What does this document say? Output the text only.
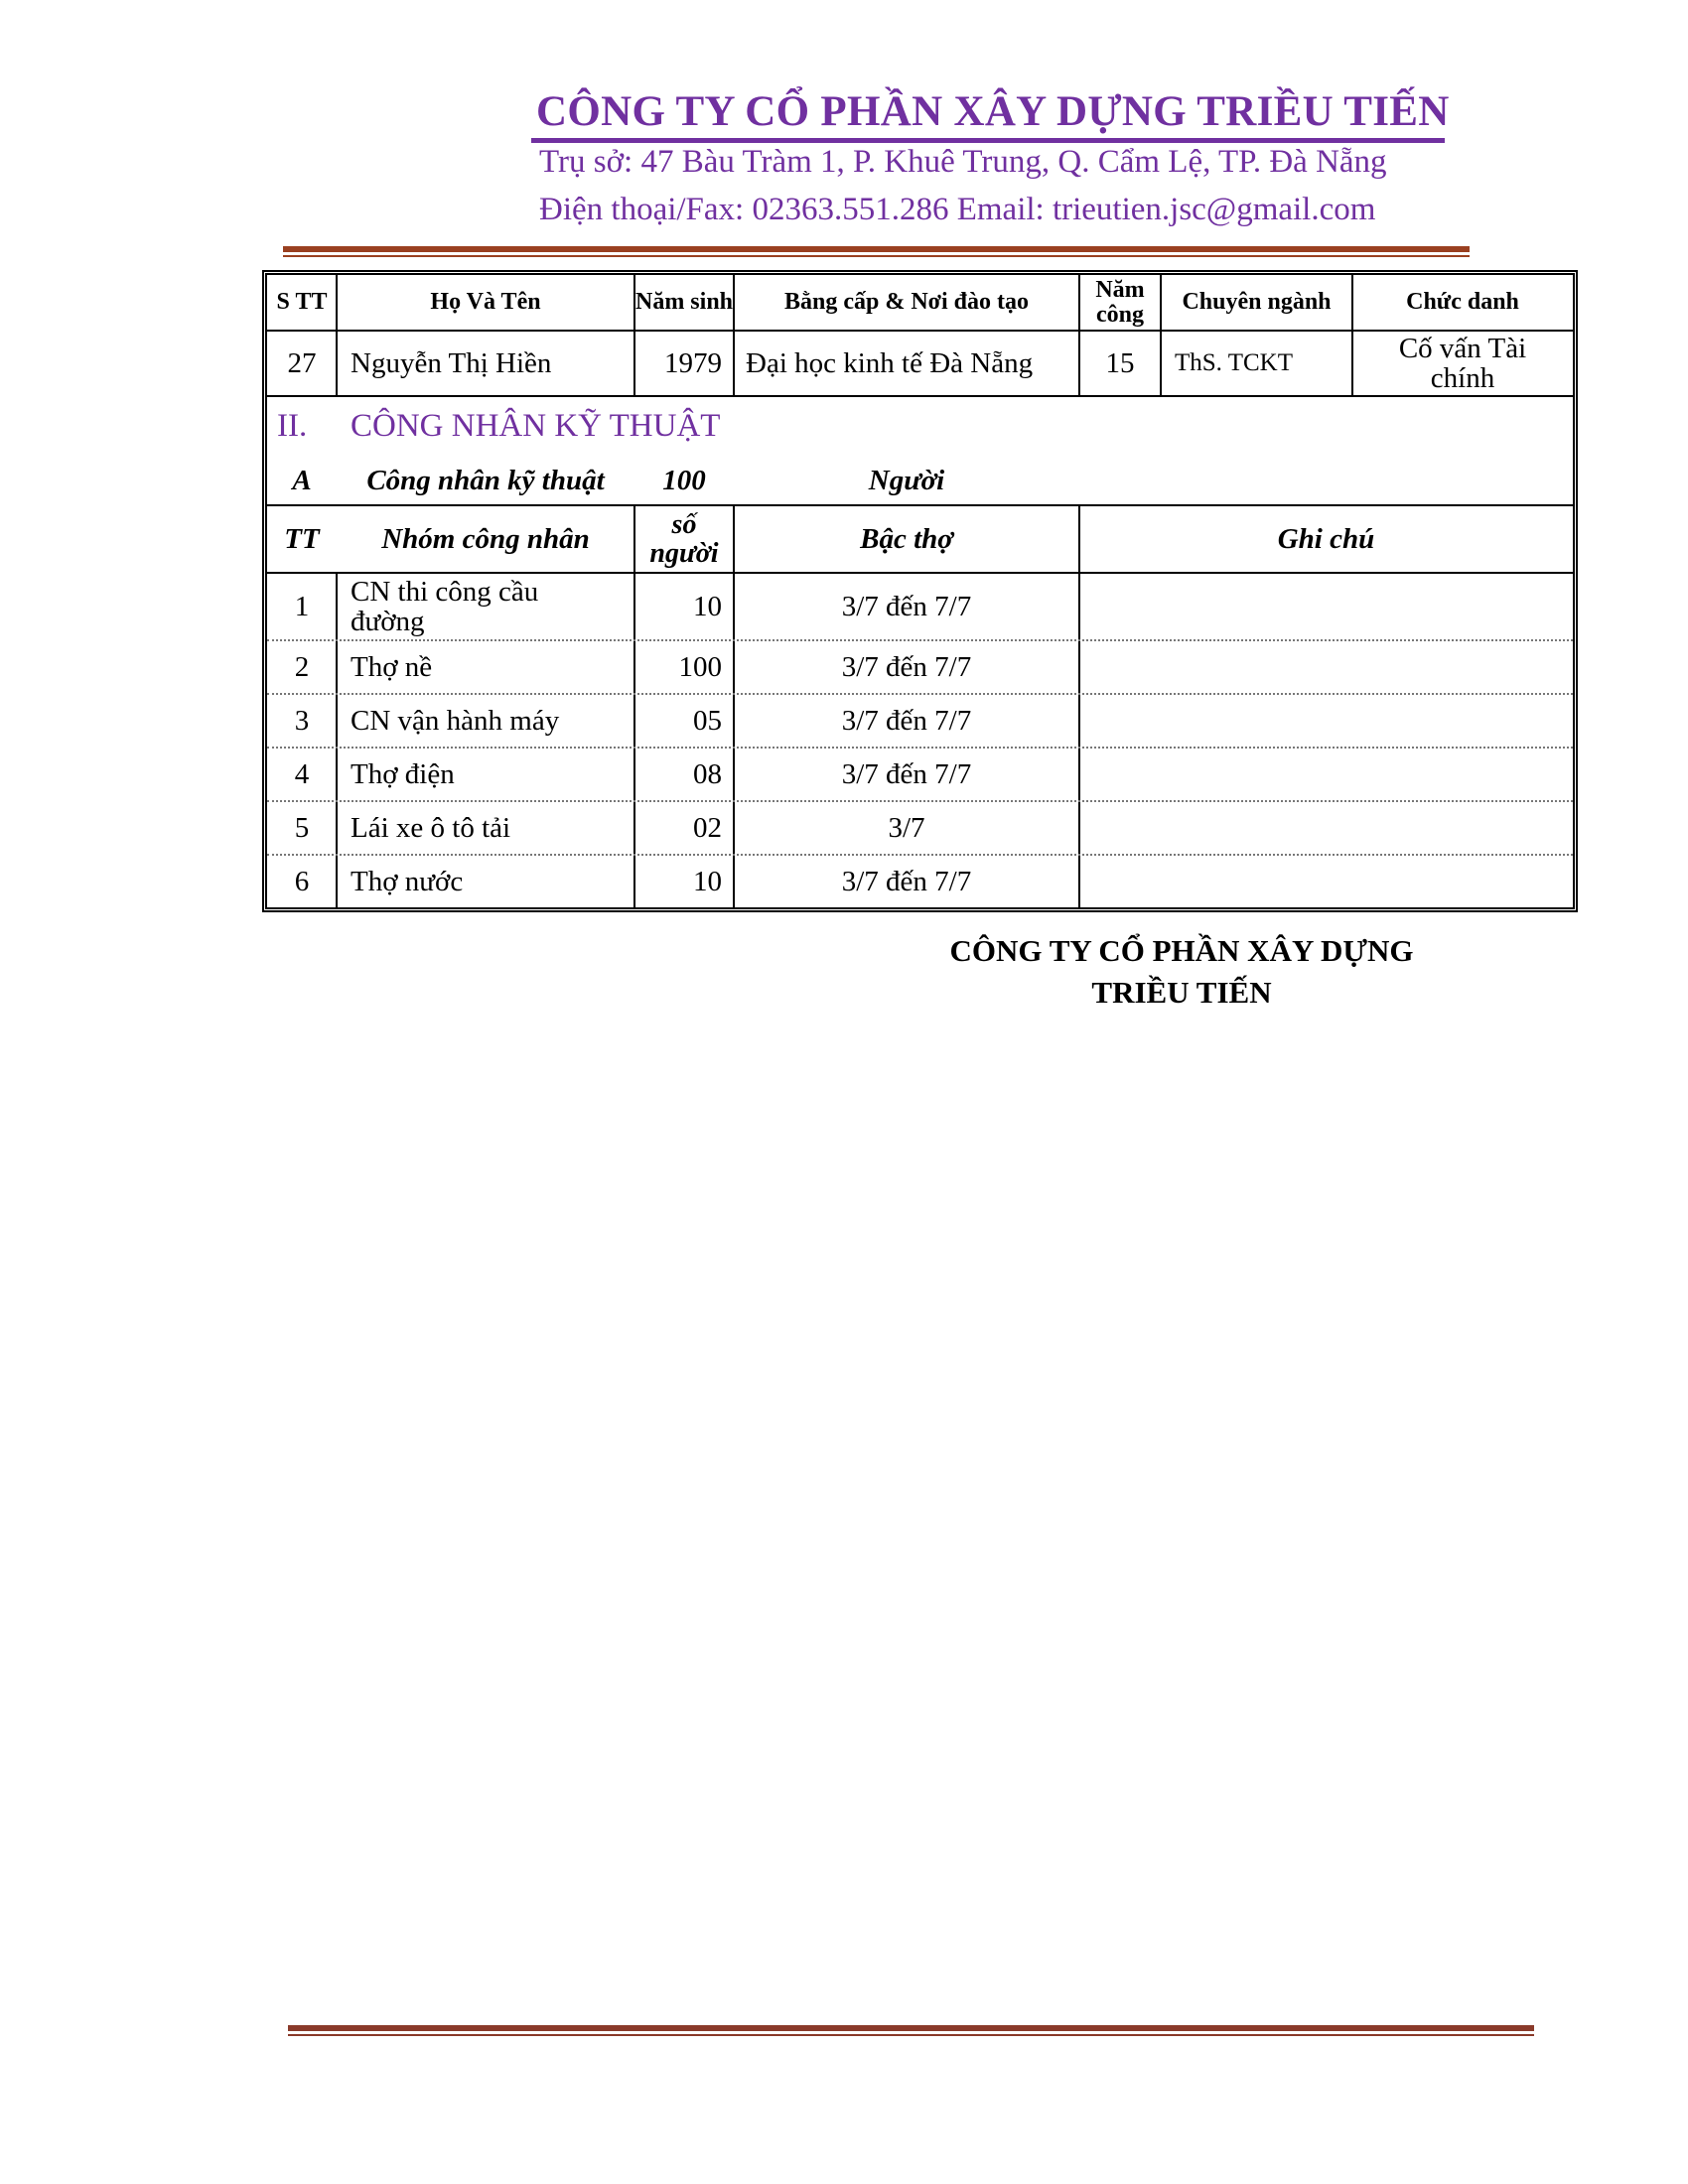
CÔNG TY CỔ PHẦN XÂY DỰNG TRIỀU TIẾN
Trụ sở: 47 Bàu Tràm 1, P. Khuê Trung, Q. Cẩm Lệ, TP. Đà Nẵng
Điện thoại/Fax: 02363.551.286 Email: trieutien.jsc@gmail.com
S TT	Họ Và Tên	Năm sinh	Bằng cấp & Nơi đào tạo	Năm công	Chuyên ngành	Chức danh
27	Nguyễn Thị Hiền	1979 Đại học kinh tế Đà Nẵng	15	ThS. TCKT	Cố vấn Tài chính
II.	CÔNG NHÂN KỸ THUẬT
A	Công nhân kỹ thuật	100	Người
TT	Nhóm công nhân	số người	Bậc thợ	Ghi chú
1	CN thi công cầu đường	10	3/7 đến 7/7
2	Thợ nề	100	3/7 đến 7/7
3	CN vận hành máy	05	3/7 đến 7/7
4	Thợ điện	08	3/7 đến 7/7
5	Lái xe ô tô tải	02	3/7
6	Thợ nước	10	3/7 đến 7/7
CÔNG TY CỔ PHẦN XÂY DỰNG
TRIỀU TIẾN
